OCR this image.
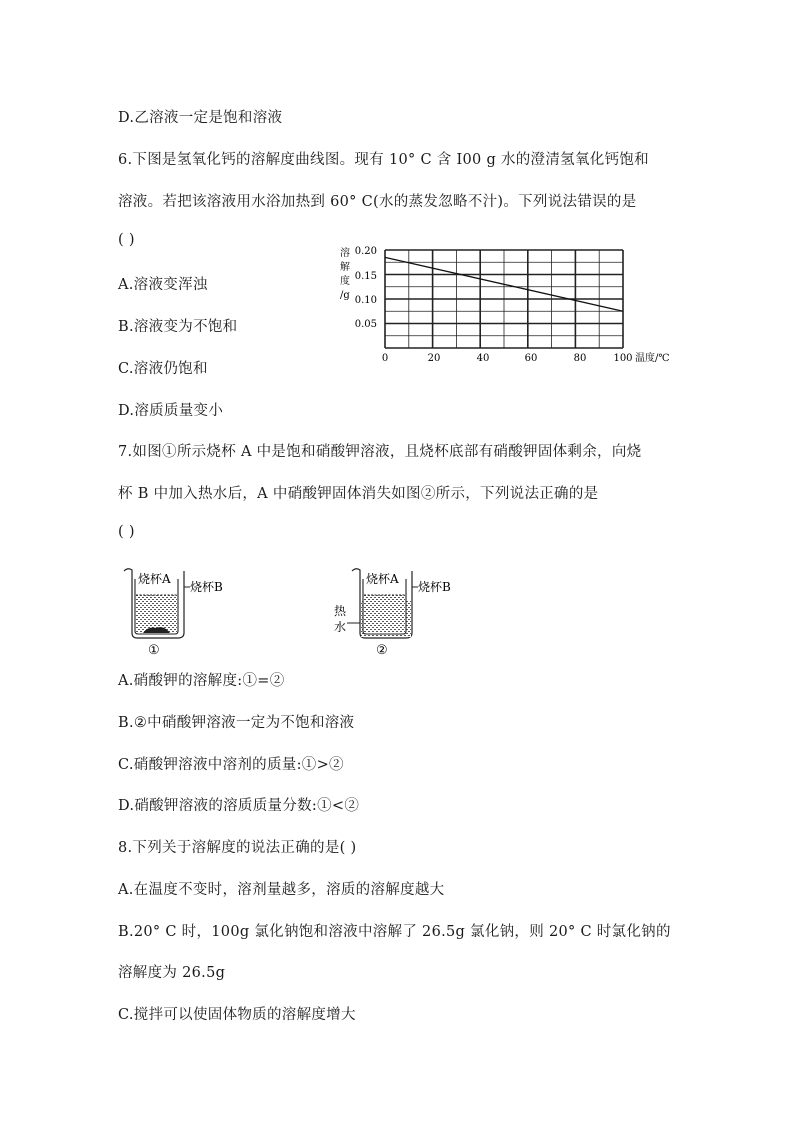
D.乙溶液一定是饱和溶液
6.下图是氢氧化钙的溶解度曲线图。现有 10° C 含 I00 g 水的澄清氢氧化钙饱和
溶液。若把该溶液用水浴加热到 60° C(水的蒸发忽略不汁)。下列说法错误的是
( )
A.溶液变浑浊
B.溶液变为不饱和
C.溶液仍饱和
D.溶质质量变小
7.如图①所示烧杯 A 中是饱和硝酸钾溶液，且烧杯底部有硝酸钾固体剩余，向烧
杯 B 中加入热水后，A 中硝酸钾固体消失如图②所示，下列说法正确的是
( )
A.硝酸钾的溶解度:①=②
B.②中硝酸钾溶液一定为不饱和溶液
C.硝酸钾溶液中溶剂的质量:①>②
D.硝酸钾溶液的溶质质量分数:①<②
8.下列关于溶解度的说法正确的是( )
A.在温度不变时，溶剂量越多，溶质的溶解度越大
B.20° C 时，100g 氯化钠饱和溶液中溶解了 26.5g 氯化钠，则 20° C 时氯化钠的
溶解度为 26.5g
C.搅拌可以使固体物质的溶解度增大
溶
解
度
/g
0.20
0.15
0.10
0.05
0	20	40	60	80	100 温度/℃
烧杯A
烧杯B
①
烧杯A
烧杯B
热
水
②
